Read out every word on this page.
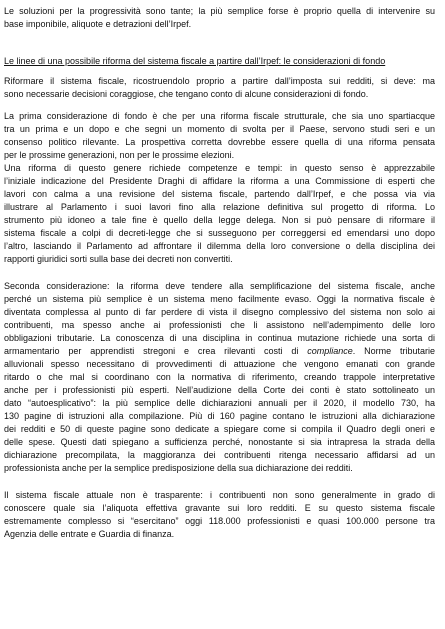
Le soluzioni per la progressività sono tante; la più semplice forse è proprio quella di intervenire su
base imponibile, aliquote e detrazioni dell’Irpef.
Le linee di una possibile riforma del sistema fiscale a partire dall’Irpef: le considerazioni di fondo
Riformare il sistema fiscale, ricostruendolo proprio a partire dall’imposta sui redditi, si deve: ma
sono necessarie decisioni coraggiose, che tengano conto di alcune considerazioni di fondo.
La prima considerazione di fondo è che per una riforma fiscale strutturale, che sia uno spartiacque
tra un prima e un dopo e che segni un momento di svolta per il Paese, servono studi seri e un
consenso politico rilevante. La prospettiva corretta dovrebbe essere quella di una riforma pensata
per le prossime generazioni, non per le prossime elezioni.
Una riforma di questo genere richiede competenze e tempi: in questo senso è apprezzabile
l’iniziale indicazione del Presidente Draghi di affidare la riforma a una Commissione di esperti che
lavori con calma a una revisione del sistema fiscale, partendo dall’Irpef, e che possa via via
illustrare al Parlamento i suoi lavori fino alla relazione definitiva sul progetto di riforma. Lo
strumento più idoneo a tale fine è quello della legge delega. Non si può pensare di riformare il
sistema fiscale a colpi di decreti-legge che si susseguono per correggersi ed emendarsi uno dopo
l’altro, lasciando il Parlamento ad affrontare il dilemma della loro conversione o della disciplina dei
rapporti giuridici sorti sulla base dei decreti non convertiti.
Seconda considerazione: la riforma deve tendere alla semplificazione del sistema fiscale, anche
perché un sistema più semplice è un sistema meno facilmente evaso. Oggi la normativa fiscale è
diventata complessa al punto di far perdere di vista il disegno complessivo del sistema non solo ai
contribuenti, ma spesso anche ai professionisti che li assistono nell’adempimento delle loro
obbligazioni tributarie. La conoscenza di una disciplina in continua mutazione richiede una sorta di
armamentario per apprendisti stregoni e crea rilevanti costi di compliance. Norme tributarie
alluvionali spesso necessitano di provvedimenti di attuazione che vengono emanati con grande
ritardo o che mal si coordinano con la normativa di riferimento, creando trappole interpretative
anche per i professionisti più esperti. Nell’audizione della Corte dei conti è stato sottolineato un
dato “autoesplicativo”: la più semplice delle dichiarazioni annuali per il 2020, il modello 730, ha
130 pagine di istruzioni alla compilazione. Più di 160 pagine contano le istruzioni alla dichiarazione
dei redditi e 50 di queste pagine sono dedicate a spiegare come si compila il Quadro degli oneri e
delle spese. Questi dati spiegano a sufficienza perché, nonostante si sia intrapresa la strada della
dichiarazione precompilata, la maggioranza dei contribuenti ritenga necessario affidarsi ad un
professionista anche per la semplice predisposizione della sua dichiarazione dei redditi.
Il sistema fiscale attuale non è trasparente: i contribuenti non sono generalmente in grado di
conoscere quale sia l’aliquota effettiva gravante sui loro redditi. E su questo sistema fiscale
estremamente complesso si “esercitano” oggi 118.000 professionisti e quasi 100.000 persone tra
Agenzia delle entrate e Guardia di finanza.
